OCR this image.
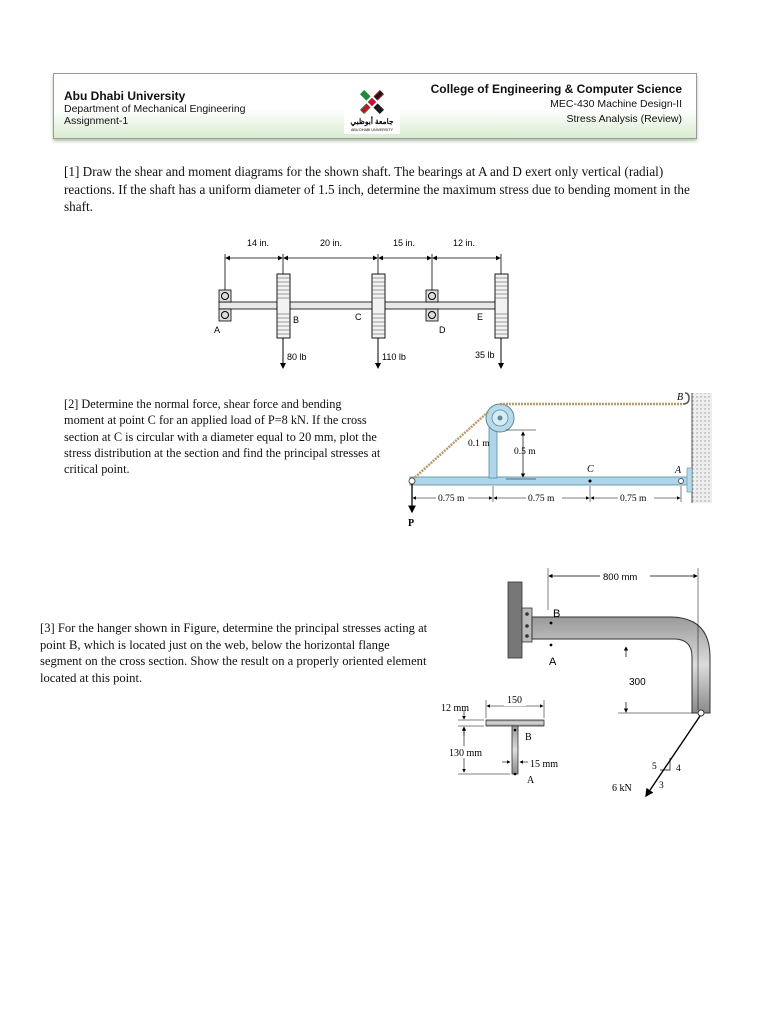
Abu Dhabi University
Department of Mechanical Engineering
Assignment-1	جامعة أبوظبي
ABU DHABI UNIVERSITY
College of Engineering & Computer Science
MEC-430 Machine Design-II
Stress Analysis (Review)
[1] Draw the shear and moment diagrams for the shown shaft. The bearings at A and D exert only vertical (radial) reactions. If the shaft has a uniform diameter of 1.5 inch, determine the maximum stress due to bending moment in the shaft.
14 in.	20 in.	15 in.	12 in.
80 lb	110 lb	35 lb
A
B	C
D
E
[2] Determine the normal force, shear force and bending moment at point C for an applied load of P=8 kN. If the cross section at C is circular with a diameter equal to 20 mm, plot the stress distribution at the section and find the principal stresses at critical point.
P
0.1 m
0.5 m
0.75 m	0.75 m	0.75 m
C	A
B
[3] For the hanger shown in Figure, determine the principal stresses acting at point B, which is located just on the web, below the horizontal flange segment on the cross section. Show the result on a properly oriented element located at this point.
B
A
800 mm
300
6 kN
5 4
3
150
12 mm
130 mm
15 mm
B
A
